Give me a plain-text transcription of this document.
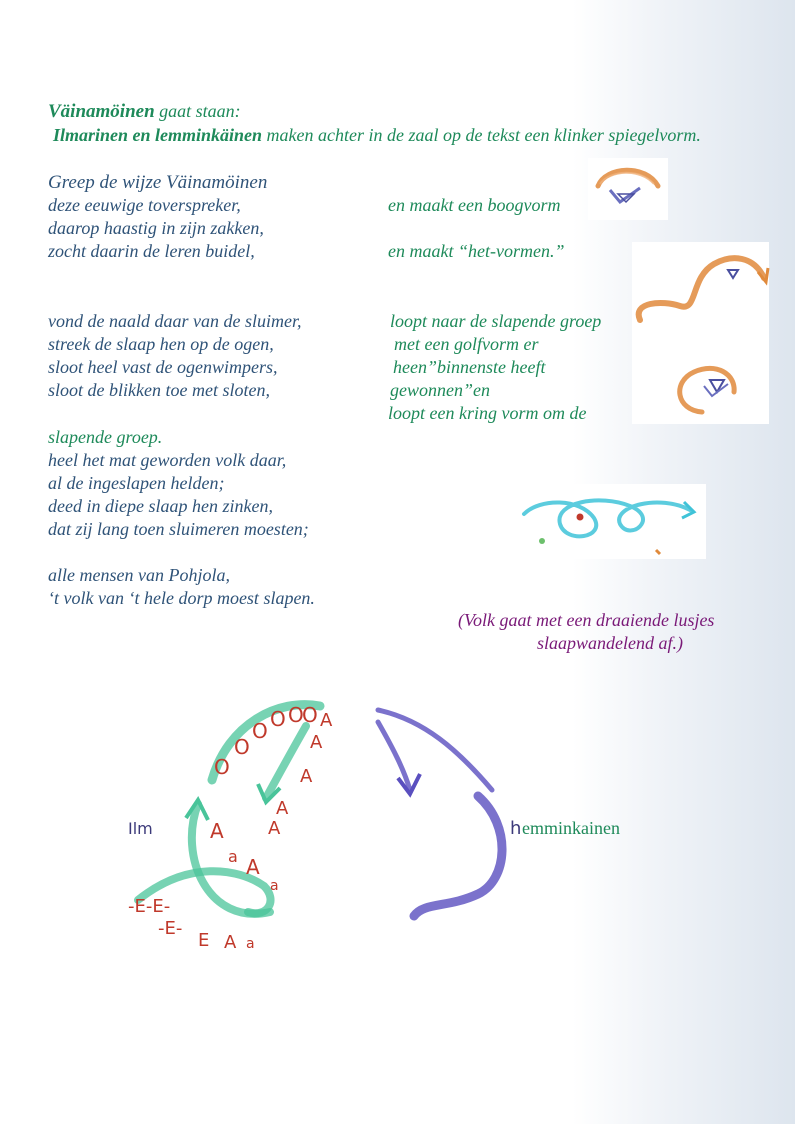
Väinamöinen gaat staan:
Ilmarinen en lemminkäinen maken achter in de zaal op de tekst een klinker spiegelvorm.
Greep de wijze Väinamöinen
deze eeuwige toverspreker,
daarop haastig in zijn zakken,
zocht daarin de leren buidel,
en maakt een boogvorm
en maakt “het-vormen.”
vond de naald daar van de sluimer,
streek de slaap hen op de ogen,
sloot heel vast de ogenwimpers,
sloot de blikken toe met sloten,
loopt naar de slapende groep
met een golfvorm er
heen”binnenste heeft
gewonnen”en
loopt een kring vorm om de
slapende groep.
heel het mat geworden volk daar,
al de ingeslapen helden;
deed in diepe slaap hen zinken,
dat zij lang toen sluimeren moesten;
alle mensen van Pohjola,
‘t volk van ‘t hele dorp moest slapen.
(Volk gaat met een draaiende lusjes
slaapwandelend af.)
O
O
O O O
O A
A
A
A
A
A
a A
a
-E-E-
-E-
E A a
Ilm	h emminkainen
